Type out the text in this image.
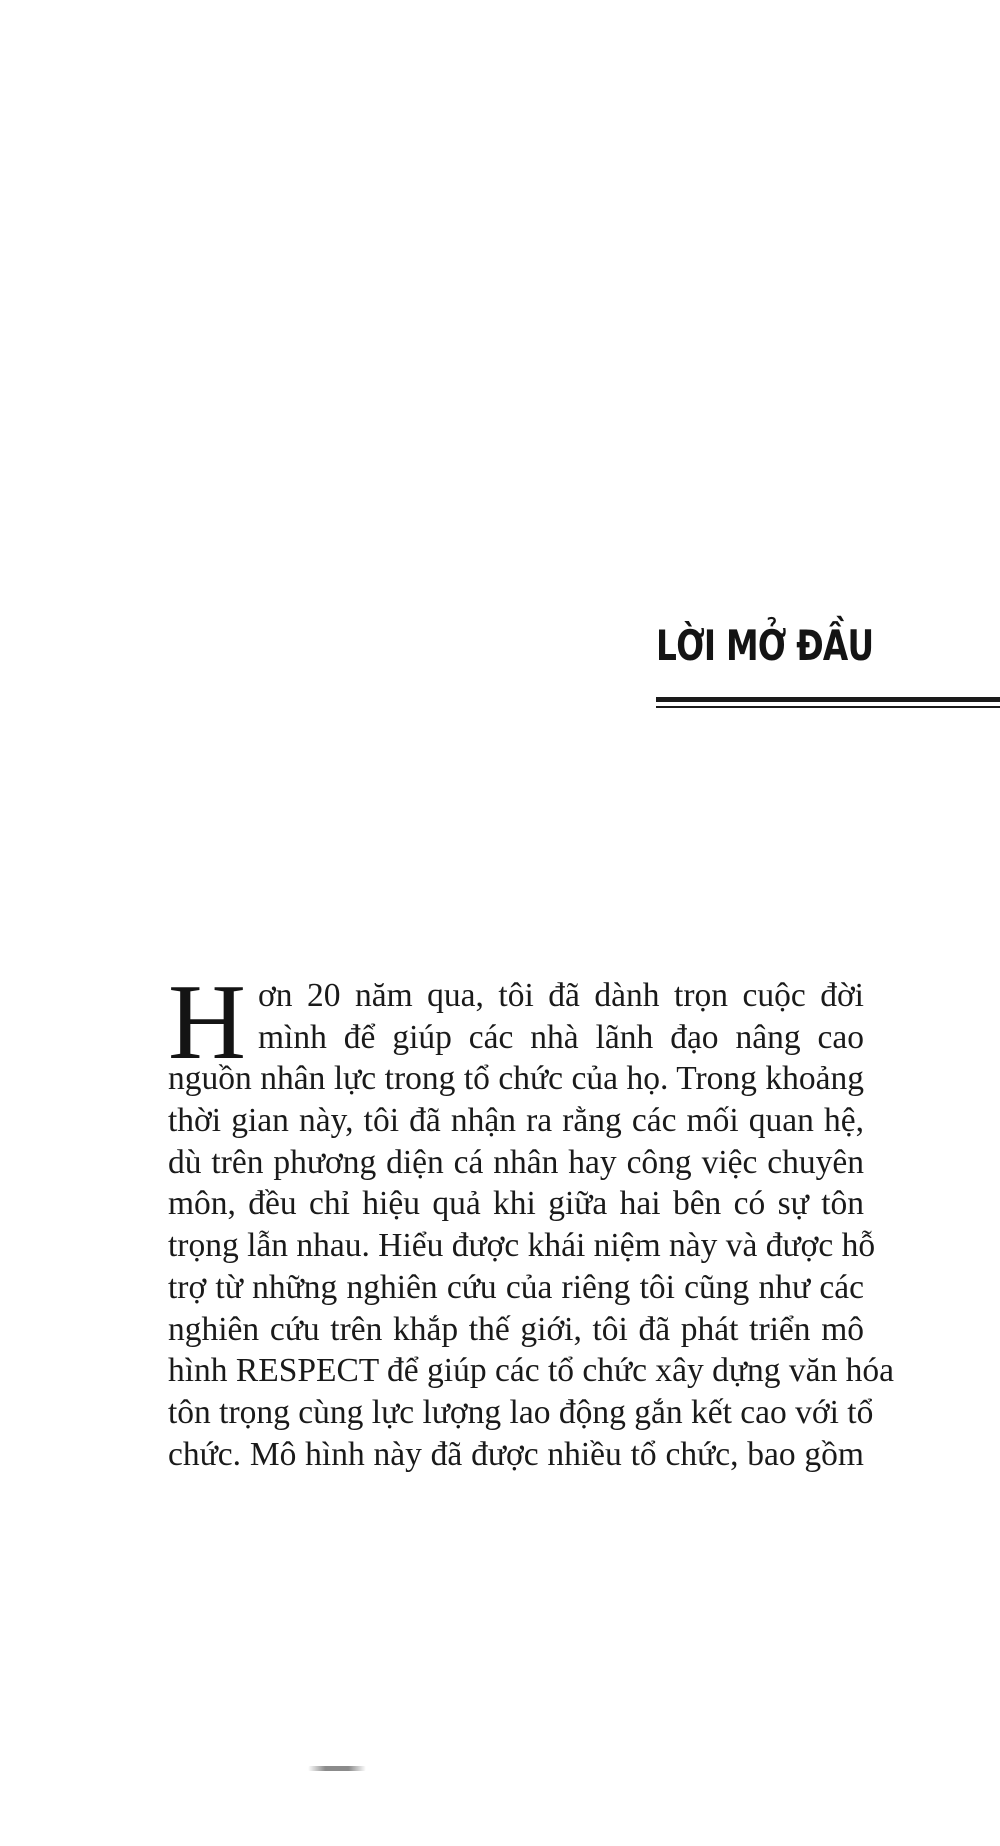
LỜI MỞ ĐẦU
H ơn 20 năm qua, tôi đã dành trọn cuộc đời
mình để giúp các nhà lãnh đạo nâng cao
nguồn nhân lực trong tổ chức của họ. Trong khoảng
thời gian này, tôi đã nhận ra rằng các mối quan hệ,
dù trên phương diện cá nhân hay công việc chuyên
môn, đều chỉ hiệu quả khi giữa hai bên có sự tôn
trọng lẫn nhau. Hiểu được khái niệm này và được hỗ
trợ từ những nghiên cứu của riêng tôi cũng như các
nghiên cứu trên khắp thế giới, tôi đã phát triển mô
hình RESPECT để giúp các tổ chức xây dựng văn hóa
tôn trọng cùng lực lượng lao động gắn kết cao với tổ
chức. Mô hình này đã được nhiều tổ chức, bao gồm
